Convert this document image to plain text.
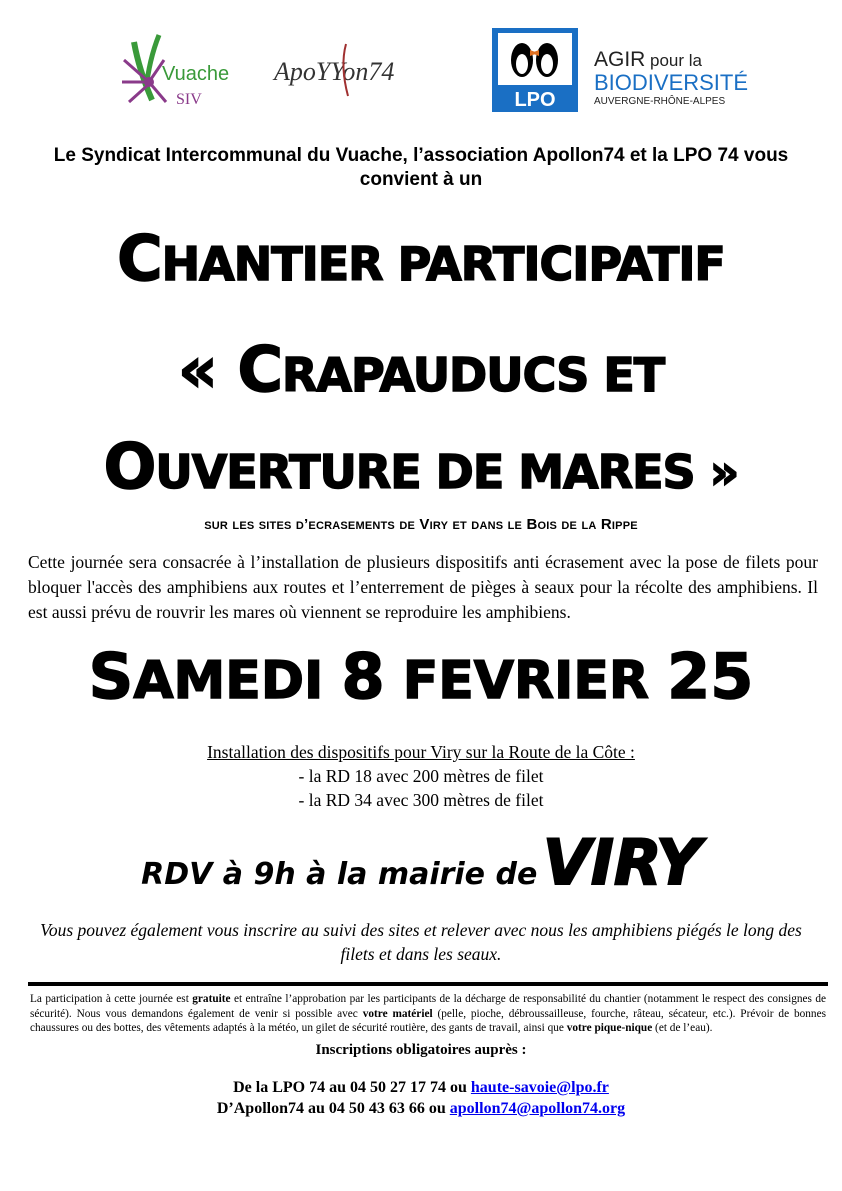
Vuache
SIV
ApoYYon74
LPO
AGIR pour la
BIODIVERSITÉ
AUVERGNE-RHÔNE-ALPES
Le Syndicat Intercommunal du Vuache, l’association Apollon74 et la LPO 74 vous convient à un
CHANTIER PARTICIPATIF
« CRAPAUDUCS ET
OUVERTURE DE MARES »
sur les sites d’ecrasements de Viry et dans le Bois de la Rippe
Cette journée sera consacrée à l’installation de plusieurs dispositifs anti écrasement avec la pose de filets pour bloquer l'accès des amphibiens aux routes et l’enterrement de pièges à seaux pour la récolte des amphibiens. Il est aussi prévu de rouvrir les mares où viennent se reproduire les amphibiens.
SAMEDI 8 FEVRIER 25
Installation des dispositifs pour Viry sur la Route de la Côte :
- la RD 18 avec 200 mètres de filet
- la RD 34 avec 300 mètres de filet
RDV à 9h à la mairie de VIRY
Vous pouvez également vous inscrire au suivi des sites et relever avec nous les amphibiens piégés le long des filets et dans les seaux.
La participation à cette journée est gratuite et entraîne l’approbation par les participants de la décharge de responsabilité du chantier (notamment le respect des consignes de sécurité). Nous vous demandons également de venir si possible avec votre matériel (pelle, pioche, débroussailleuse, fourche, râteau, sécateur, etc.). Prévoir de bonnes chaussures ou des bottes, des vêtements adaptés à la météo, un gilet de sécurité routière, des gants de travail, ainsi que votre pique-nique (et de l’eau).
Inscriptions obligatoires auprès :
De la LPO 74 au 04 50 27 17 74 ou haute-savoie@lpo.fr
D’Apollon74 au 04 50 43 63 66 ou apollon74@apollon74.org
